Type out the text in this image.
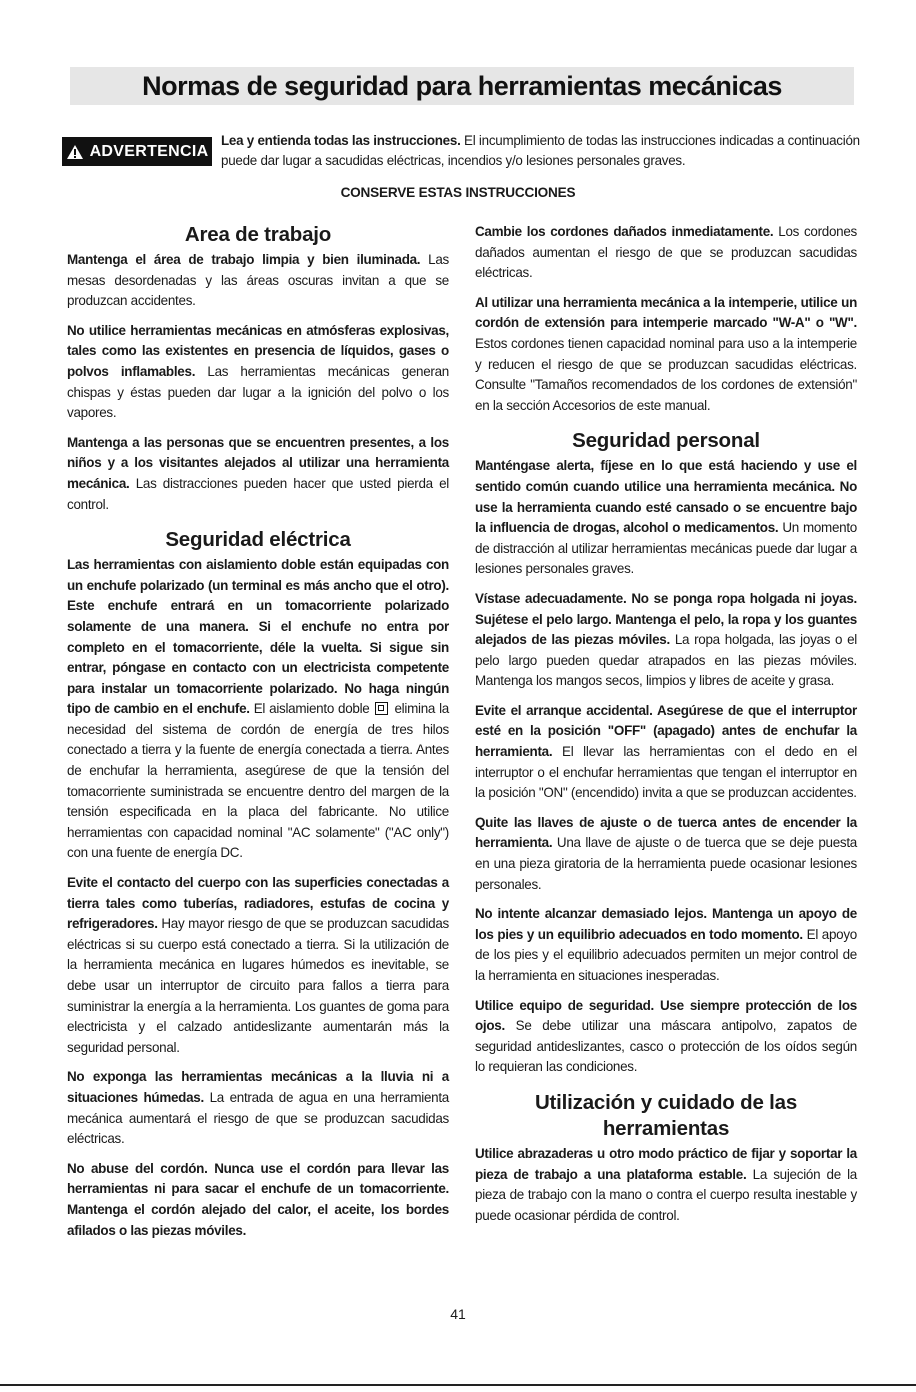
Normas de seguridad para herramientas mecánicas
ADVERTENCIA
Lea y entienda todas las instrucciones. El incumplimiento de todas las instrucciones indicadas a continuación puede dar lugar a sacudidas eléctricas, incendios y/o lesiones personales graves.
CONSERVE ESTAS INSTRUCCIONES
Area de trabajo

Mantenga el área de trabajo limpia y bien iluminada. Las mesas desordenadas y las áreas oscuras invitan a que se produzcan accidentes.

No utilice herramientas mecánicas en atmósferas explosivas, tales como las existentes en presencia de líquidos, gases o polvos inflamables. Las herramientas mecánicas generan chispas y éstas pueden dar lugar a la ignición del polvo o los vapores.

Mantenga a las personas que se encuentren presentes, a los niños y a los visitantes alejados al utilizar una herramienta mecánica. Las distracciones pueden hacer que usted pierda el control.

Seguridad eléctrica

Las herramientas con aislamiento doble están equipadas con un enchufe polarizado (un terminal es más ancho que el otro). Este enchufe entrará en un tomacorriente polarizado solamente de una manera. Si el enchufe no entra por completo en el tomacorriente, déle la vuelta. Si sigue sin entrar, póngase en contacto con un electricista competente para instalar un tomacorriente polarizado. No haga ningún tipo de cambio en el enchufe. El aislamiento doble  elimina la necesidad del sistema de cordón de energía de tres hilos conectado a tierra y la fuente de energía conectada a tierra. Antes de enchufar la herramienta, asegúrese de que la tensión del tomacorriente suministrada se encuentre dentro del margen de la tensión especificada en la placa del fabricante. No utilice herramientas con capacidad nominal "AC solamente" ("AC only") con una fuente de energía DC.

Evite el contacto del cuerpo con las superficies conectadas a tierra tales como tuberías, radiadores, estufas de cocina y refrigeradores. Hay mayor riesgo de que se produzcan sacudidas eléctricas si su cuerpo está conectado a tierra. Si la utilización de la herramienta mecánica en lugares húmedos es inevitable, se debe usar un interruptor de circuito para fallos a tierra para suministrar la energía a la herramienta. Los guantes de goma para electricista y el calzado antideslizante aumentarán más la seguridad personal.

No exponga las herramientas mecánicas a la lluvia ni a situaciones húmedas. La entrada de agua en una herramienta mecánica aumentará el riesgo de que se produzcan sacudidas eléctricas.

No abuse del cordón. Nunca use el cordón para llevar las herramientas ni para sacar el enchufe de un tomacorriente. Mantenga el cordón alejado del calor, el aceite, los bordes afilados o las piezas móviles.

Cambie los cordones dañados inmediatamente. Los cordones dañados aumentan el riesgo de que se produzcan sacudidas eléctricas.

Al utilizar una herramienta mecánica a la intemperie, utilice un cordón de extensión para intemperie marcado "W-A" o "W". Estos cordones tienen capacidad nominal para uso a la intemperie y reducen el riesgo de que se produzcan sacudidas eléctricas. Consulte "Tamaños recomendados de los cordones de extensión" en la sección Accesorios de este manual.

Seguridad personal

Manténgase alerta, fíjese en lo que está haciendo y use el sentido común cuando utilice una herramienta mecánica. No use la herramienta cuando esté cansado o se encuentre bajo la influencia de drogas, alcohol o medicamentos. Un momento de distracción al utilizar herramientas mecánicas puede dar lugar a lesiones personales graves.

Vístase adecuadamente. No se ponga ropa holgada ni joyas. Sujétese el pelo largo. Mantenga el pelo, la ropa y los guantes alejados de las piezas móviles. La ropa holgada, las joyas o el pelo largo pueden quedar atrapados en las piezas móviles. Mantenga los mangos secos, limpios y libres de aceite y grasa.

Evite el arranque accidental. Asegúrese de que el interruptor esté en la posición "OFF" (apagado) antes de enchufar la herramienta. El llevar las herramientas con el dedo en el interruptor o el enchufar herramientas que tengan el interruptor en la posición "ON" (encendido) invita a que se produzcan accidentes.

Quite las llaves de ajuste o de tuerca antes de encender la herramienta. Una llave de ajuste o de tuerca que se deje puesta en una pieza giratoria de la herramienta puede ocasionar lesiones personales.

No intente alcanzar demasiado lejos. Mantenga un apoyo de los pies y un equilibrio adecuados en todo momento. El apoyo de los pies y el equilibrio adecuados permiten un mejor control de la herramienta en situaciones inesperadas.

Utilice equipo de seguridad. Use siempre protección de los ojos. Se debe utilizar una máscara antipolvo, zapatos de seguridad antideslizantes, casco o protección de los oídos según lo requieran las condiciones.

Utilización y cuidado de las herramientas

Utilice abrazaderas u otro modo práctico de fijar y soportar la pieza de trabajo a una plataforma estable. La sujeción de la pieza de trabajo con la mano o contra el cuerpo resulta inestable y puede ocasionar pérdida de control.

41
